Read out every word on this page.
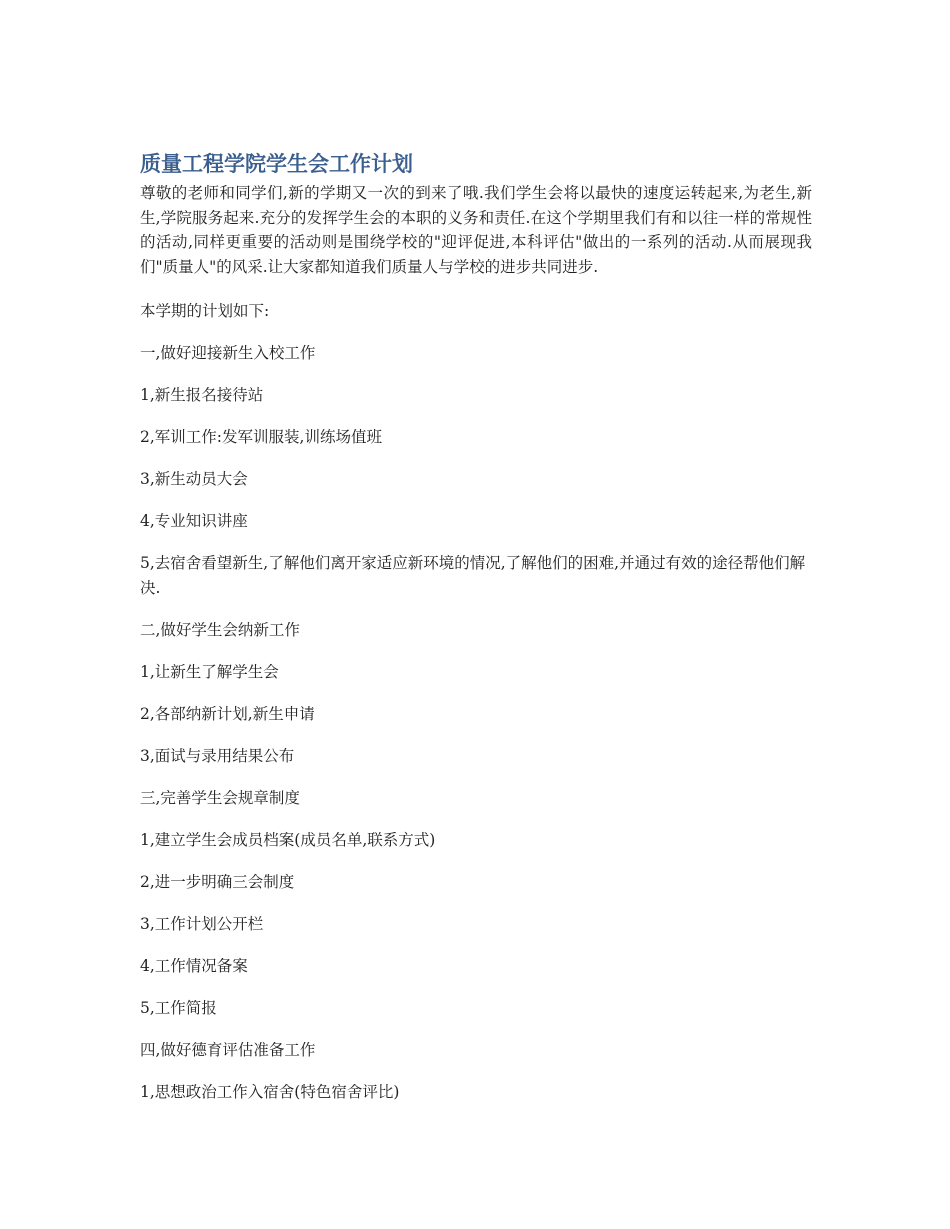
质量工程学院学生会工作计划

尊敬的老师和同学们,新的学期又一次的到来了哦.我们学生会将以最快的速度运转起来,为老生,新生,学院服务起来.充分的发挥学生会的本职的义务和责任.在这个学期里我们有和以往一样的常规性的活动,同样更重要的活动则是围绕学校的"迎评促进,本科评估"做出的一系列的活动.从而展现我们"质量人"的风采.让大家都知道我们质量人与学校的进步共同进步.

本学期的计划如下:

一,做好迎接新生入校工作

1,新生报名接待站

2,军训工作:发军训服装,训练场值班

3,新生动员大会

4,专业知识讲座

5,去宿舍看望新生,了解他们离开家适应新环境的情况,了解他们的困难,并通过有效的途径帮他们解决.

二,做好学生会纳新工作

1,让新生了解学生会

2,各部纳新计划,新生申请

3,面试与录用结果公布

三,完善学生会规章制度

1,建立学生会成员档案(成员名单,联系方式)

2,进一步明确三会制度

3,工作计划公开栏

4,工作情况备案

5,工作简报

四,做好德育评估准备工作

1,思想政治工作入宿舍(特色宿舍评比)
